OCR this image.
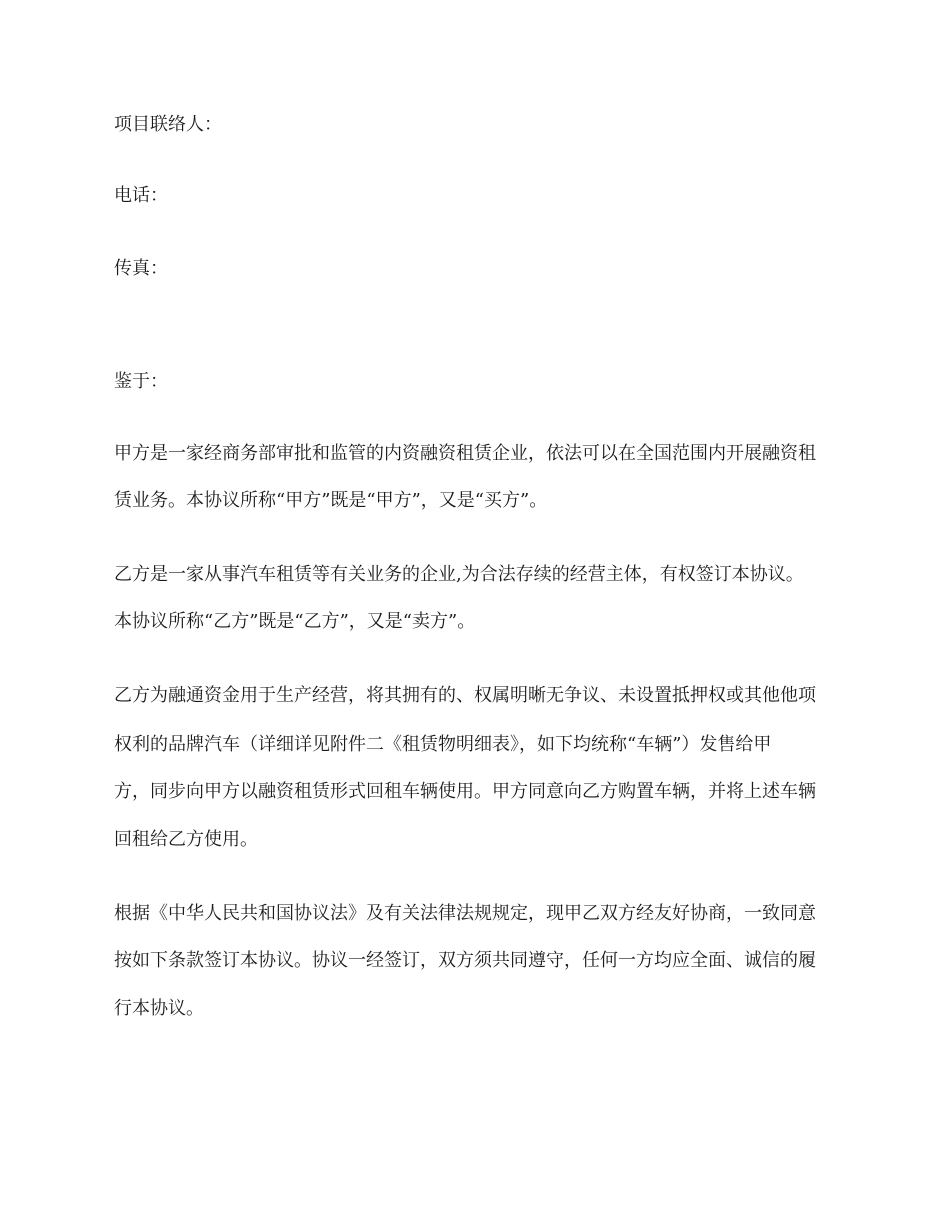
项目联络人：

电话：

传真：

鉴于：

甲方是一家经商务部审批和监管的内资融资租赁企业，依法可以在全国范围内开展融资租

赁业务。本协议所称“甲方”既是“甲方”，又是“买方”。

乙方是一家从事汽车租赁等有关业务的企业,为合法存续的经营主体，有权签订本协议。

本协议所称“乙方”既是“乙方”，又是“卖方”。

乙方为融通资金用于生产经营，将其拥有的、权属明晰无争议、未设置抵押权或其他他项

权利的品牌汽车（详细详见附件二《租赁物明细表》，如下均统称“车辆”）发售给甲

方，同步向甲方以融资租赁形式回租车辆使用。甲方同意向乙方购置车辆，并将上述车辆

回租给乙方使用。

根据《中华人民共和国协议法》及有关法律法规规定，现甲乙双方经友好协商，一致同意

按如下条款签订本协议。协议一经签订，双方须共同遵守，任何一方均应全面、诚信的履

行本协议。
